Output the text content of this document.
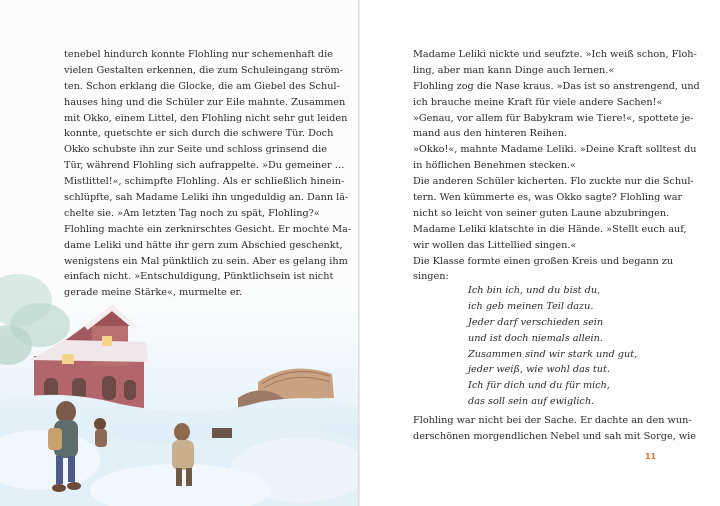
tenebel hindurch konnte Flohling nur schemenhaft die
vielen Gestalten erkennen, die zum Schuleingang ström-
ten. Schon erklang die Glocke, die am Giebel des Schul-
hauses hing und die Schüler zur Eile mahnte. Zusammen
mit Okko, einem Littel, den Flohling nicht sehr gut leiden
konnte, quetschte er sich durch die schwere Tür. Doch
Okko schubste ihn zur Seite und schloss grinsend die
Tür, während Flohling sich aufrappelte. »Du gemeiner …
Mistlittel!«, schimpfte Flohling. Als er schließlich hinein-
schlüpfte, sah Madame Leliki ihn ungeduldig an. Dann lä-
chelte sie. »Am letzten Tag noch zu spät, Flohling?«
Flohling machte ein zerknirschtes Gesicht. Er mochte Ma-
dame Leliki und hätte ihr gern zum Abschied geschenkt,
wenigstens ein Mal pünktlich zu sein. Aber es gelang ihm
einfach nicht. »Entschuldigung, Pünktlichsein ist nicht
gerade meine Stärke«, murmelte er.
Madame Leliki nickte und seufzte. »Ich weiß schon, Floh-
ling, aber man kann Dinge auch lernen.«
Flohling zog die Nase kraus. »Das ist so anstrengend, und
ich brauche meine Kraft für viele andere Sachen!«
»Genau, vor allem für Babykram wie Tiere!«, spottete je-
mand aus den hinteren Reihen.
»Okko!«, mahnte Madame Leliki. »Deine Kraft solltest du
in höflichen Benehmen stecken.«
Die anderen Schüler kicherten. Flo zuckte nur die Schul-
tern. Wen kümmerte es, was Okko sagte? Flohling war
nicht so leicht von seiner guten Laune abzubringen.
Madame Leliki klatschte in die Hände. »Stellt euch auf,
wir wollen das Littellied singen.«
Die Klasse formte einen großen Kreis und begann zu
singen:
Ich bin ich, und du bist du,
ich geb meinen Teil dazu.
Jeder darf verschieden sein
und ist doch niemals allein.
Zusammen sind wir stark und gut,
jeder weiß, wie wohl das tut.
Ich für dich und du für mich,
das soll sein auf ewiglich.
Flohling war nicht bei der Sache. Er dachte an den wun-
derschönen morgendlichen Nebel und sah mit Sorge, wie
11
